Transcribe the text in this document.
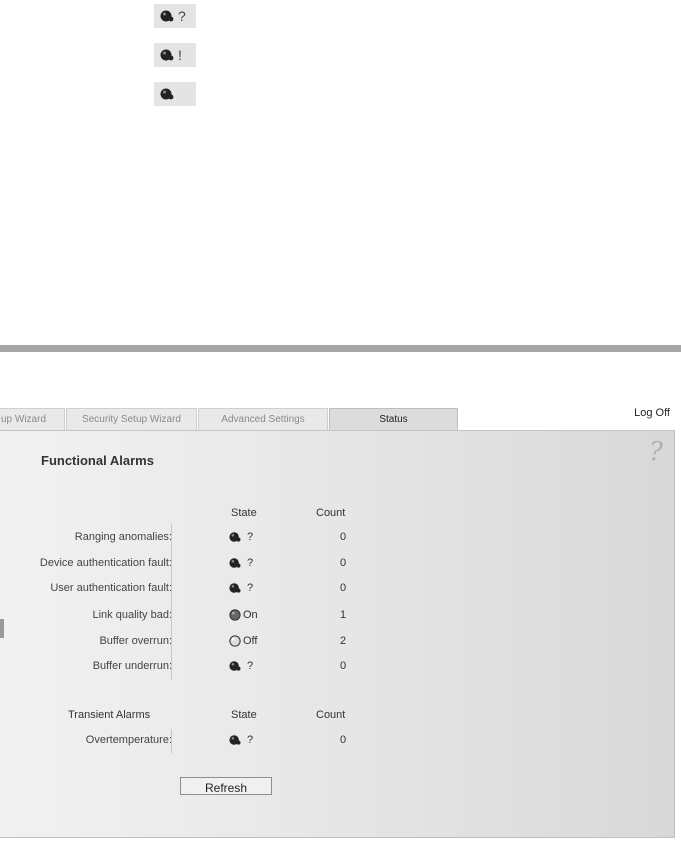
?
!
up Wizard	Security Setup Wizard	Advanced Settings	Status
Log Off
?
Functional Alarms
State	Count
Ranging anomalies:	?	0
Device authentication fault:	?	0
User authentication fault:	?	0
Link quality bad:	On	1
Buffer overrun:	Off	2
Buffer underrun:	?	0
Transient Alarms	State	Count
Overtemperature:	?	0
Refresh
